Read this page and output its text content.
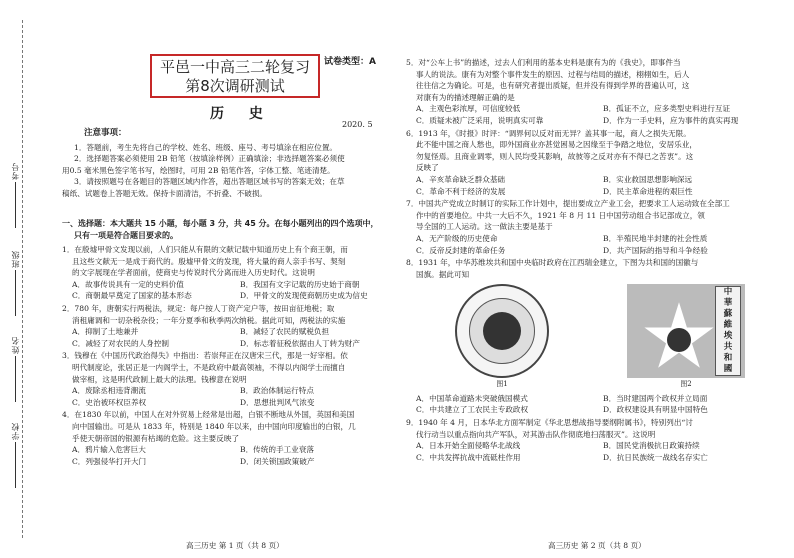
考号
班级
姓名
学校
平邑一中高三二轮复习
第8次调研测试
试卷类型：A
历 史
2020. 5
注意事项：
1．答题前，考生先将自己的学校、姓名、班级、座号、考号填涂在相应位置。
2．选择题答案必须使用 2B 铅笔（按填涂样例）正确填涂；非选择题答案必须使
用0.5 毫米黑色签字笔书写，绘图时，可用 2B 铅笔作答，字体工整、笔迹清楚。
3．请按照题号在各题目的答题区域内作答，超出答题区域书写的答案无效；在草
稿纸、试题卷上答题无效。保持卡面清洁，不折叠、不破损。
一、选择题：本大题共 15 小题，每小题 3 分，共 45 分。在每小题列出的四个选项中，
只有一项是符合题目要求的。
1．在殷墟甲骨文发现以前，人们只能从有限的文献记载中知道历史上有个商王朝，而
且这些文献无一是成于商代的。殷墟甲骨文的发现，将大量的商人亲手书写、契刻
的文字展现在学者面前，使商史与传说时代分离而进入历史时代。这说明
A．故事传说具有一定的史料价值	B．我国有文字记载的历史始于商朝
C．商朝最早奠定了国家的基本形态	D．甲骨文的发现使商朝历史成为信史
2．780 年，唐朝实行两税法，规定：每户按人丁资产定户等，按田亩征地税；取
消租庸调和一切杂税杂役；一年分夏季和秋季两次纳税。据此可知，两税法的实施
A．抑制了土地兼并	B．减轻了农民的赋税负担
C．减轻了对农民的人身控制	D．标志着征税依据由人丁转为财产
3．钱穆在《中国历代政治得失》中指出：若崇拜正在汉唐宋三代，那是一好宰相。依
明代制度论，张居正是一内阁学士，不是政府中最高领袖，不得以内阁学士而擅自
做宰相，这是明代政制上最大的法理。钱穆意在说明
A．废除丞相违背潮流	B．政治体制运行特点
C．史治被环权臣养权	D．思想批判风气浓变
4．在1830 年以前，中国人在对外贸易上经常是出超，白银不断地从外国，英国和美国
向中国输出。可是从 1833 年，特别是 1840 年以来，由中国向印度输出的白银，几
乎使天朝帝国的银源有枯竭的危险。这主要反映了
A．鸦片输入危害巨大	B．传统的手工业衰落
C．列强侵华打开大门	D．闭关锁国政策破产
5．对“公车上书”的描述，过去人们利用的基本史料是康有为的《我史》，即事件当
事人的说法。康有为对整个事件发生的原因、过程与结局的描述，栩栩如生，后人
往往信之为确论。可是，也有研究者提出质疑，但并没有得到学界的普遍认可，这
对康有为的描述理解正确的是
A．主观色彩浓厚，可信度较低	B．孤证不立，应多类型史料进行互证
C．质疑未被广泛采用，说明真实可靠	D．作为一手史料，应为事件的真实再现
6．1913 年，《时报》时评：“调界何以反对而无异？盖其事一起，商人之损失无限。
此不能中国之商人愁也，即外国商业亦甚觉困易之因缘至于争踏之地位，安居乐业，
勿复怪焉。且商业调零，则人民均受其影响，故彼等之反对亦有不得已之苦衷”。这
反映了
A．辛亥革命缺乏群众基础	B．实业救国思想影响深远
C．革命不利于经济的发展	D．民主革命进程的艰巨性
7．中国共产党成立时制订的实际工作计划中，提出要成立产业工会，把要求工人运动致在全部工
作中的首要地位。中共一大后不久，1921 年 8 月 11 日中国劳动组合书记部成立，领
导全国的工人运动。这一做法主要是基于
A．无产阶级的历史使命	B．半殖民地半封建的社会性质
C．反帝反封建的革命任务	D．共产国际的指导和斗争经验
8．1931 年，中华苏维埃共和国中央临时政府在江西瑞金建立，下图为共和国的国徽与
国旗。据此可知
图1
中
華
蘇
維
埃
共
和
國
图2
A．中国革命道路未突破俄国模式	B．当时建国两个政权并立局面
C．中共建立了工农民主专政政权	D．政权建设具有明显中国特色
9．1940 年 4 月，日本华北方面军制定《华北思想战指导要纲附属书》，特别列出“讨
伐行动当以重点指向共产军队，对其游击队作彻底地扫荡服灭”。这说明
A．日本开始全面侵略华北战线	B．国民党消极抗日政策持续
C．中共发挥抗战中流砥柱作用	D．抗日民族统一战线名存实亡
高三历史 第 1 页（共 8 页）	高三历史 第 2 页（共 8 页）
